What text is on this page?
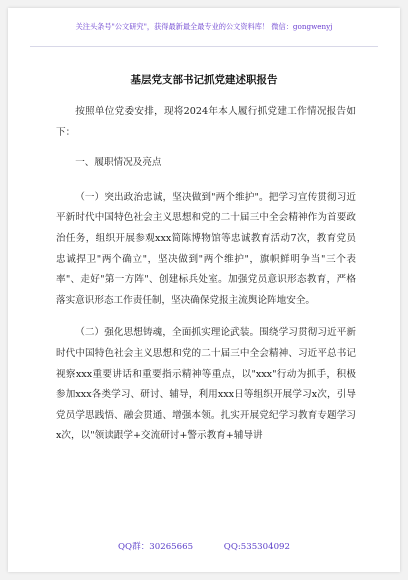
关注头条号"公文研究"，获得最新最全最专业的公文资料库！ 微信：gongwenyj
基层党支部书记抓党建述职报告

按照单位党委安排，现将2024年本人履行抓党建工作情况报告如下：

一、履职情况及亮点

（一）突出政治忠诚，坚决做到"两个维护"。把学习宣传贯彻习近平新时代中国特色社会主义思想和党的二十届三中全会精神作为首要政治任务，组织开展参观xxx简陈博物馆等忠诚教育活动7次，教育党员忠诚捍卫"两个确立"，坚决做到"两个维护"，旗帜鲜明争当"三个表率"、走好"第一方阵"、创建标兵处室。加强党员意识形态教育，严格落实意识形态工作责任制，坚决确保党报主流舆论阵地安全。

（二）强化思想铸魂，全面抓实理论武装。围绕学习贯彻习近平新时代中国特色社会主义思想和党的二十届三中全会精神、习近平总书记视察xxx重要讲话和重要指示精神等重点，以"xxx"行动为抓手，积极参加xxx各类学习、研讨、辅导，利用xxx日等组织开展学习x次，引导党员学思践悟、融会贯通、增强本领。扎实开展党纪学习教育专题学习x次，以"领读跟学+交流研讨+警示教育+辅导讲

QQ群：30265665	QQ:535304092
